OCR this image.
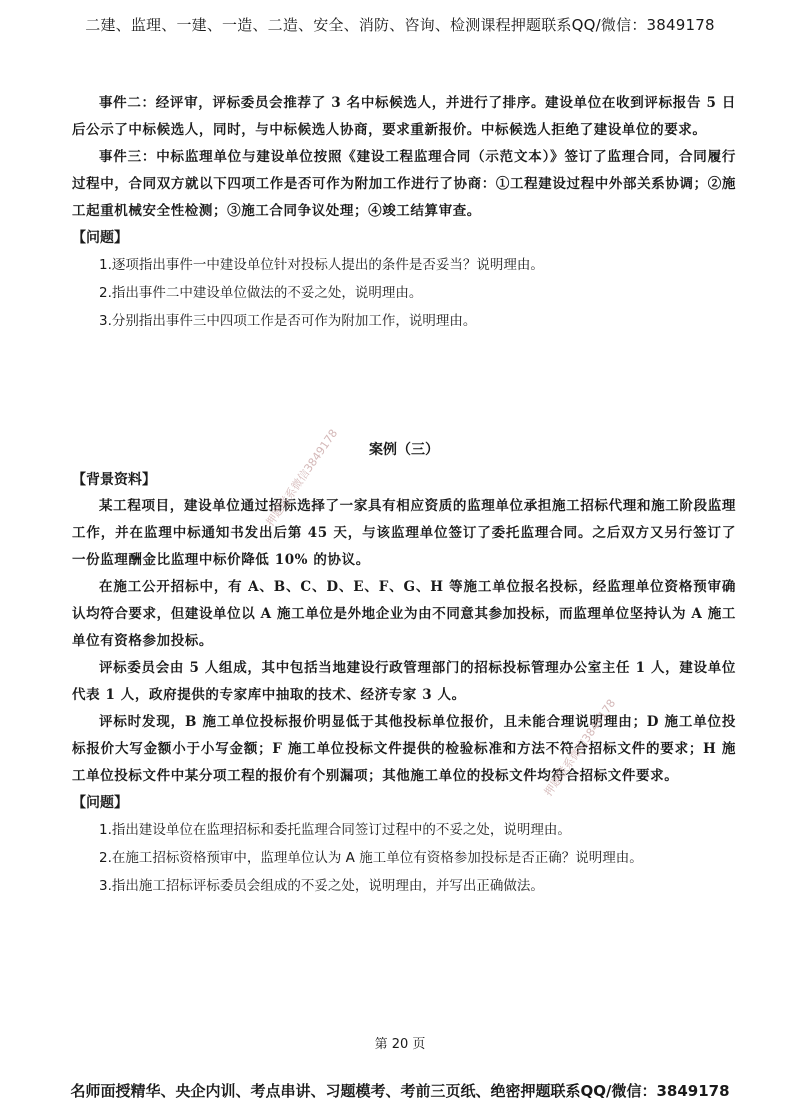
二建、监理、一建、一造、二造、安全、消防、咨询、检测课程押题联系QQ/微信：3849178

事件二：经评审，评标委员会推荐了 3 名中标候选人，并进行了排序。建设单位在收到评标报告 5 日后公示了中标候选人，同时，与中标候选人协商，要求重新报价。中标候选人拒绝了建设单位的要求。

事件三：中标监理单位与建设单位按照《建设工程监理合同（示范文本）》签订了监理合同，合同履行过程中，合同双方就以下四项工作是否可作为附加工作进行了协商：①工程建设过程中外部关系协调；②施工起重机械安全性检测；③施工合同争议处理；④竣工结算审查。

【问题】

1.逐项指出事件一中建设单位针对投标人提出的条件是否妥当？说明理由。

2.指出事件二中建设单位做法的不妥之处，说明理由。

3.分别指出事件三中四项工作是否可作为附加工作，说明理由。

案例（三）

【背景资料】

某工程项目，建设单位通过招标选择了一家具有相应资质的监理单位承担施工招标代理和施工阶段监理工作，并在监理中标通知书发出后第 45 天，与该监理单位签订了委托监理合同。之后双方又另行签订了一份监理酬金比监理中标价降低 10% 的协议。

在施工公开招标中，有 A、B、C、D、E、F、G、H 等施工单位报名投标，经监理单位资格预审确认均符合要求，但建设单位以 A 施工单位是外地企业为由不同意其参加投标，而监理单位坚持认为 A 施工单位有资格参加投标。

评标委员会由 5 人组成，其中包括当地建设行政管理部门的招标投标管理办公室主任 1 人，建设单位代表 1 人，政府提供的专家库中抽取的技术、经济专家 3 人。

评标时发现，B 施工单位投标报价明显低于其他投标单位报价，且未能合理说明理由；D 施工单位投标报价大写金额小于小写金额；F 施工单位投标文件提供的检验标准和方法不符合招标文件的要求；H 施工单位投标文件中某分项工程的报价有个别漏项；其他施工单位的投标文件均符合招标文件要求。

【问题】

1.指出建设单位在监理招标和委托监理合同签订过程中的不妥之处，说明理由。

2.在施工招标资格预审中，监理单位认为 A 施工单位有资格参加投标是否正确？说明理由。

3.指出施工招标评标委员会组成的不妥之处，说明理由，并写出正确做法。

押题联系微信3849178
押题联系微信3849178
第 20 页
名师面授精华、央企内训、考点串讲、习题模考、考前三页纸、绝密押题联系QQ/微信：3849178
